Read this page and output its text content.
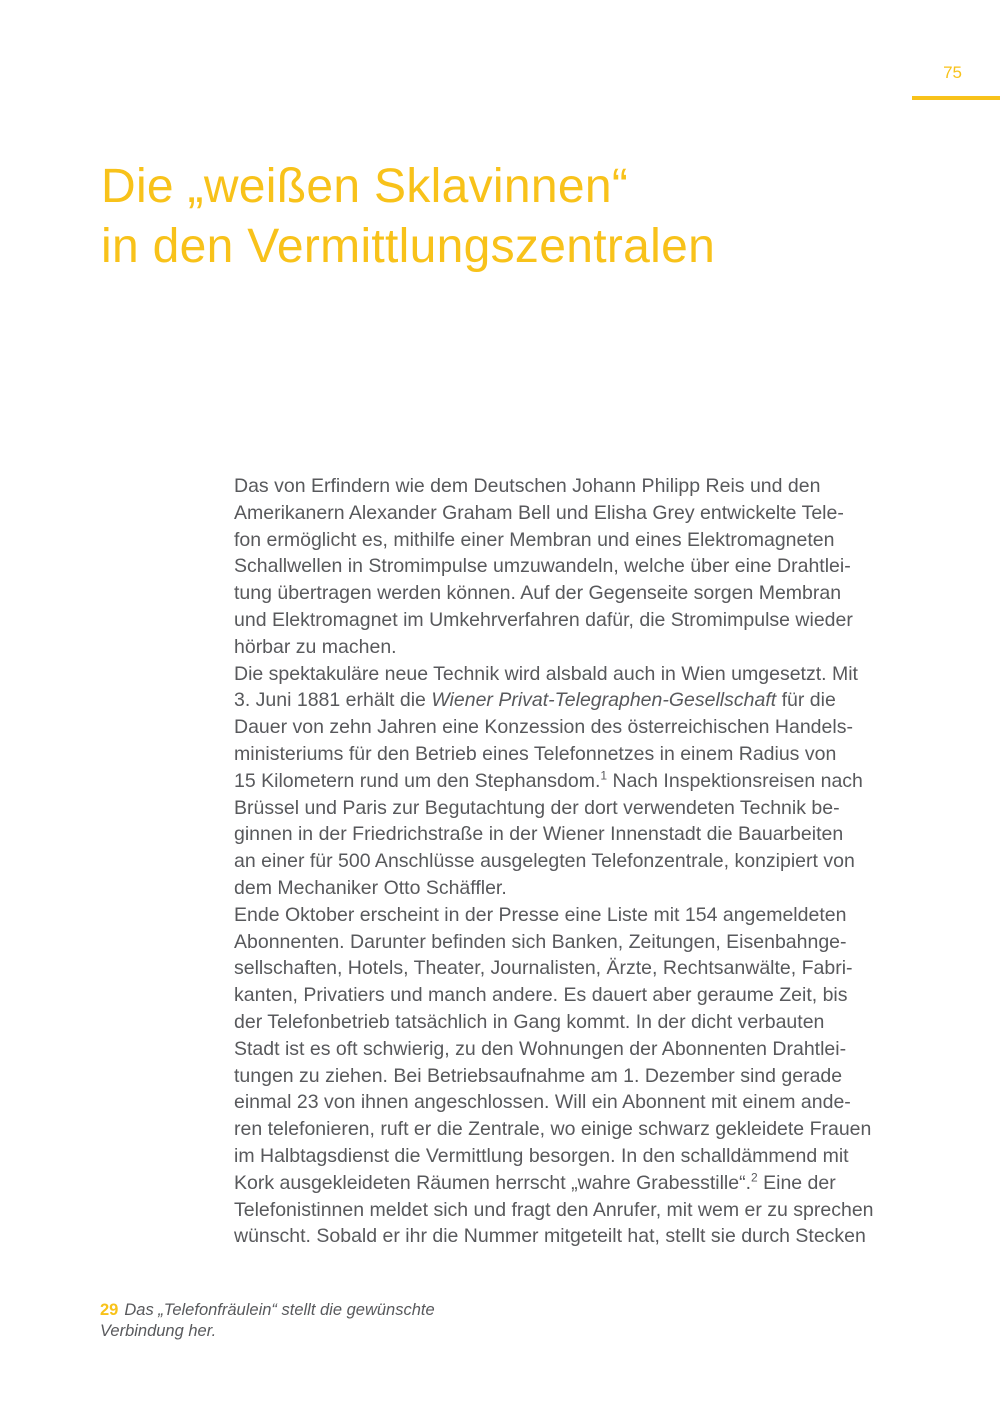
75
Die „weißen Sklavinnen“
in den Vermittlungszentralen
Das von Erfindern wie dem Deutschen Johann Philipp Reis und den
Amerikanern Alexander Graham Bell und Elisha Grey entwickelte Tele-
fon ermöglicht es, mithilfe einer Membran und eines Elektromagneten
Schallwellen in Stromimpulse umzuwandeln, welche über eine Drahtlei-
tung übertragen werden können. Auf der Gegenseite sorgen Membran
und Elektromagnet im Umkehrverfahren dafür, die Stromimpulse wieder
hörbar zu machen.
Die spektakuläre neue Technik wird alsbald auch in Wien umgesetzt. Mit
3. Juni 1881 erhält die Wiener Privat-Telegraphen-Gesellschaft für die
Dauer von zehn Jahren eine Konzession des österreichischen Handels-
ministeriums für den Betrieb eines Telefonnetzes in einem Radius von
15 Kilometern rund um den Stephansdom.$^1$ Nach Inspektionsreisen nach
Brüssel und Paris zur Begutachtung der dort verwendeten Technik be-
ginnen in der Friedrichstraße in der Wiener Innenstadt die Bauarbeiten
an einer für 500 Anschlüsse ausgelegten Telefonzentrale, konzipiert von
dem Mechaniker Otto Schäffler.
Ende Oktober erscheint in der Presse eine Liste mit 154 angemeldeten
Abonnenten. Darunter befinden sich Banken, Zeitungen, Eisenbahnge-
sellschaften, Hotels, Theater, Journalisten, Ärzte, Rechtsanwälte, Fabri-
kanten, Privatiers und manch andere. Es dauert aber geraume Zeit, bis
der Telefonbetrieb tatsächlich in Gang kommt. In der dicht verbauten
Stadt ist es oft schwierig, zu den Wohnungen der Abonnenten Drahtlei-
tungen zu ziehen. Bei Betriebsaufnahme am 1. Dezember sind gerade
einmal 23 von ihnen angeschlossen. Will ein Abonnent mit einem ande-
ren telefonieren, ruft er die Zentrale, wo einige schwarz gekleidete Frauen
im Halbtagsdienst die Vermittlung besorgen. In den schalldämmend mit
Kork ausgekleideten Räumen herrscht „wahre Grabesstille“.$^2$ Eine der
Telefonistinnen meldet sich und fragt den Anrufer, mit wem er zu sprechen
wünscht. Sobald er ihr die Nummer mitgeteilt hat, stellt sie durch Stecken
29 Das „Telefonfräulein“ stellt die gewünschte Verbindung her.
